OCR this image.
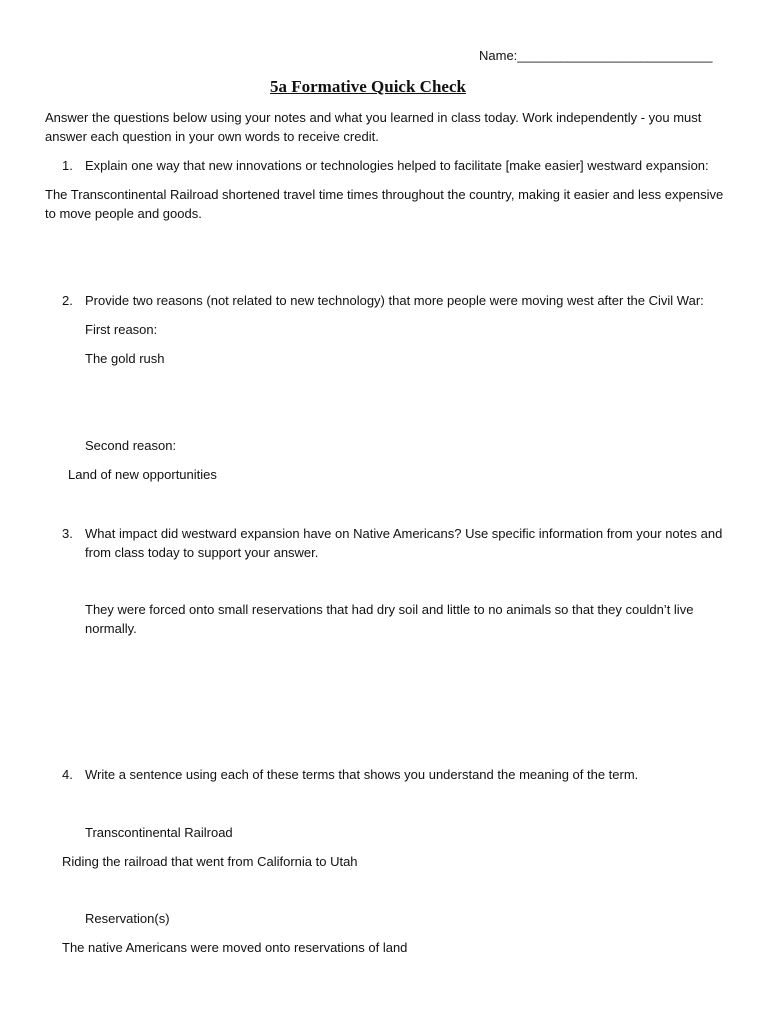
Name:___________________________
5a Formative Quick Check
Answer the questions below using your notes and what you learned in class today. Work independently - you must
answer each question in your own words to receive credit.
1. Explain one way that new innovations or technologies helped to facilitate [make easier] westward expansion:
The Transcontinental Railroad shortened travel time times throughout the country, making it easier and less expensive
to move people and goods.
2. Provide two reasons (not related to new technology) that more people were moving west after the Civil War:
First reason:
The gold rush
Second reason:
Land of new opportunities
3. What impact did westward expansion have on Native Americans? Use specific information from your notes and
from class today to support your answer.
They were forced onto small reservations that had dry soil and little to no animals so that they couldn’t live
normally.
4. Write a sentence using each of these terms that shows you understand the meaning of the term.
Transcontinental Railroad
Riding the railroad that went from California to Utah
Reservation(s)
The native Americans were moved onto reservations of land
